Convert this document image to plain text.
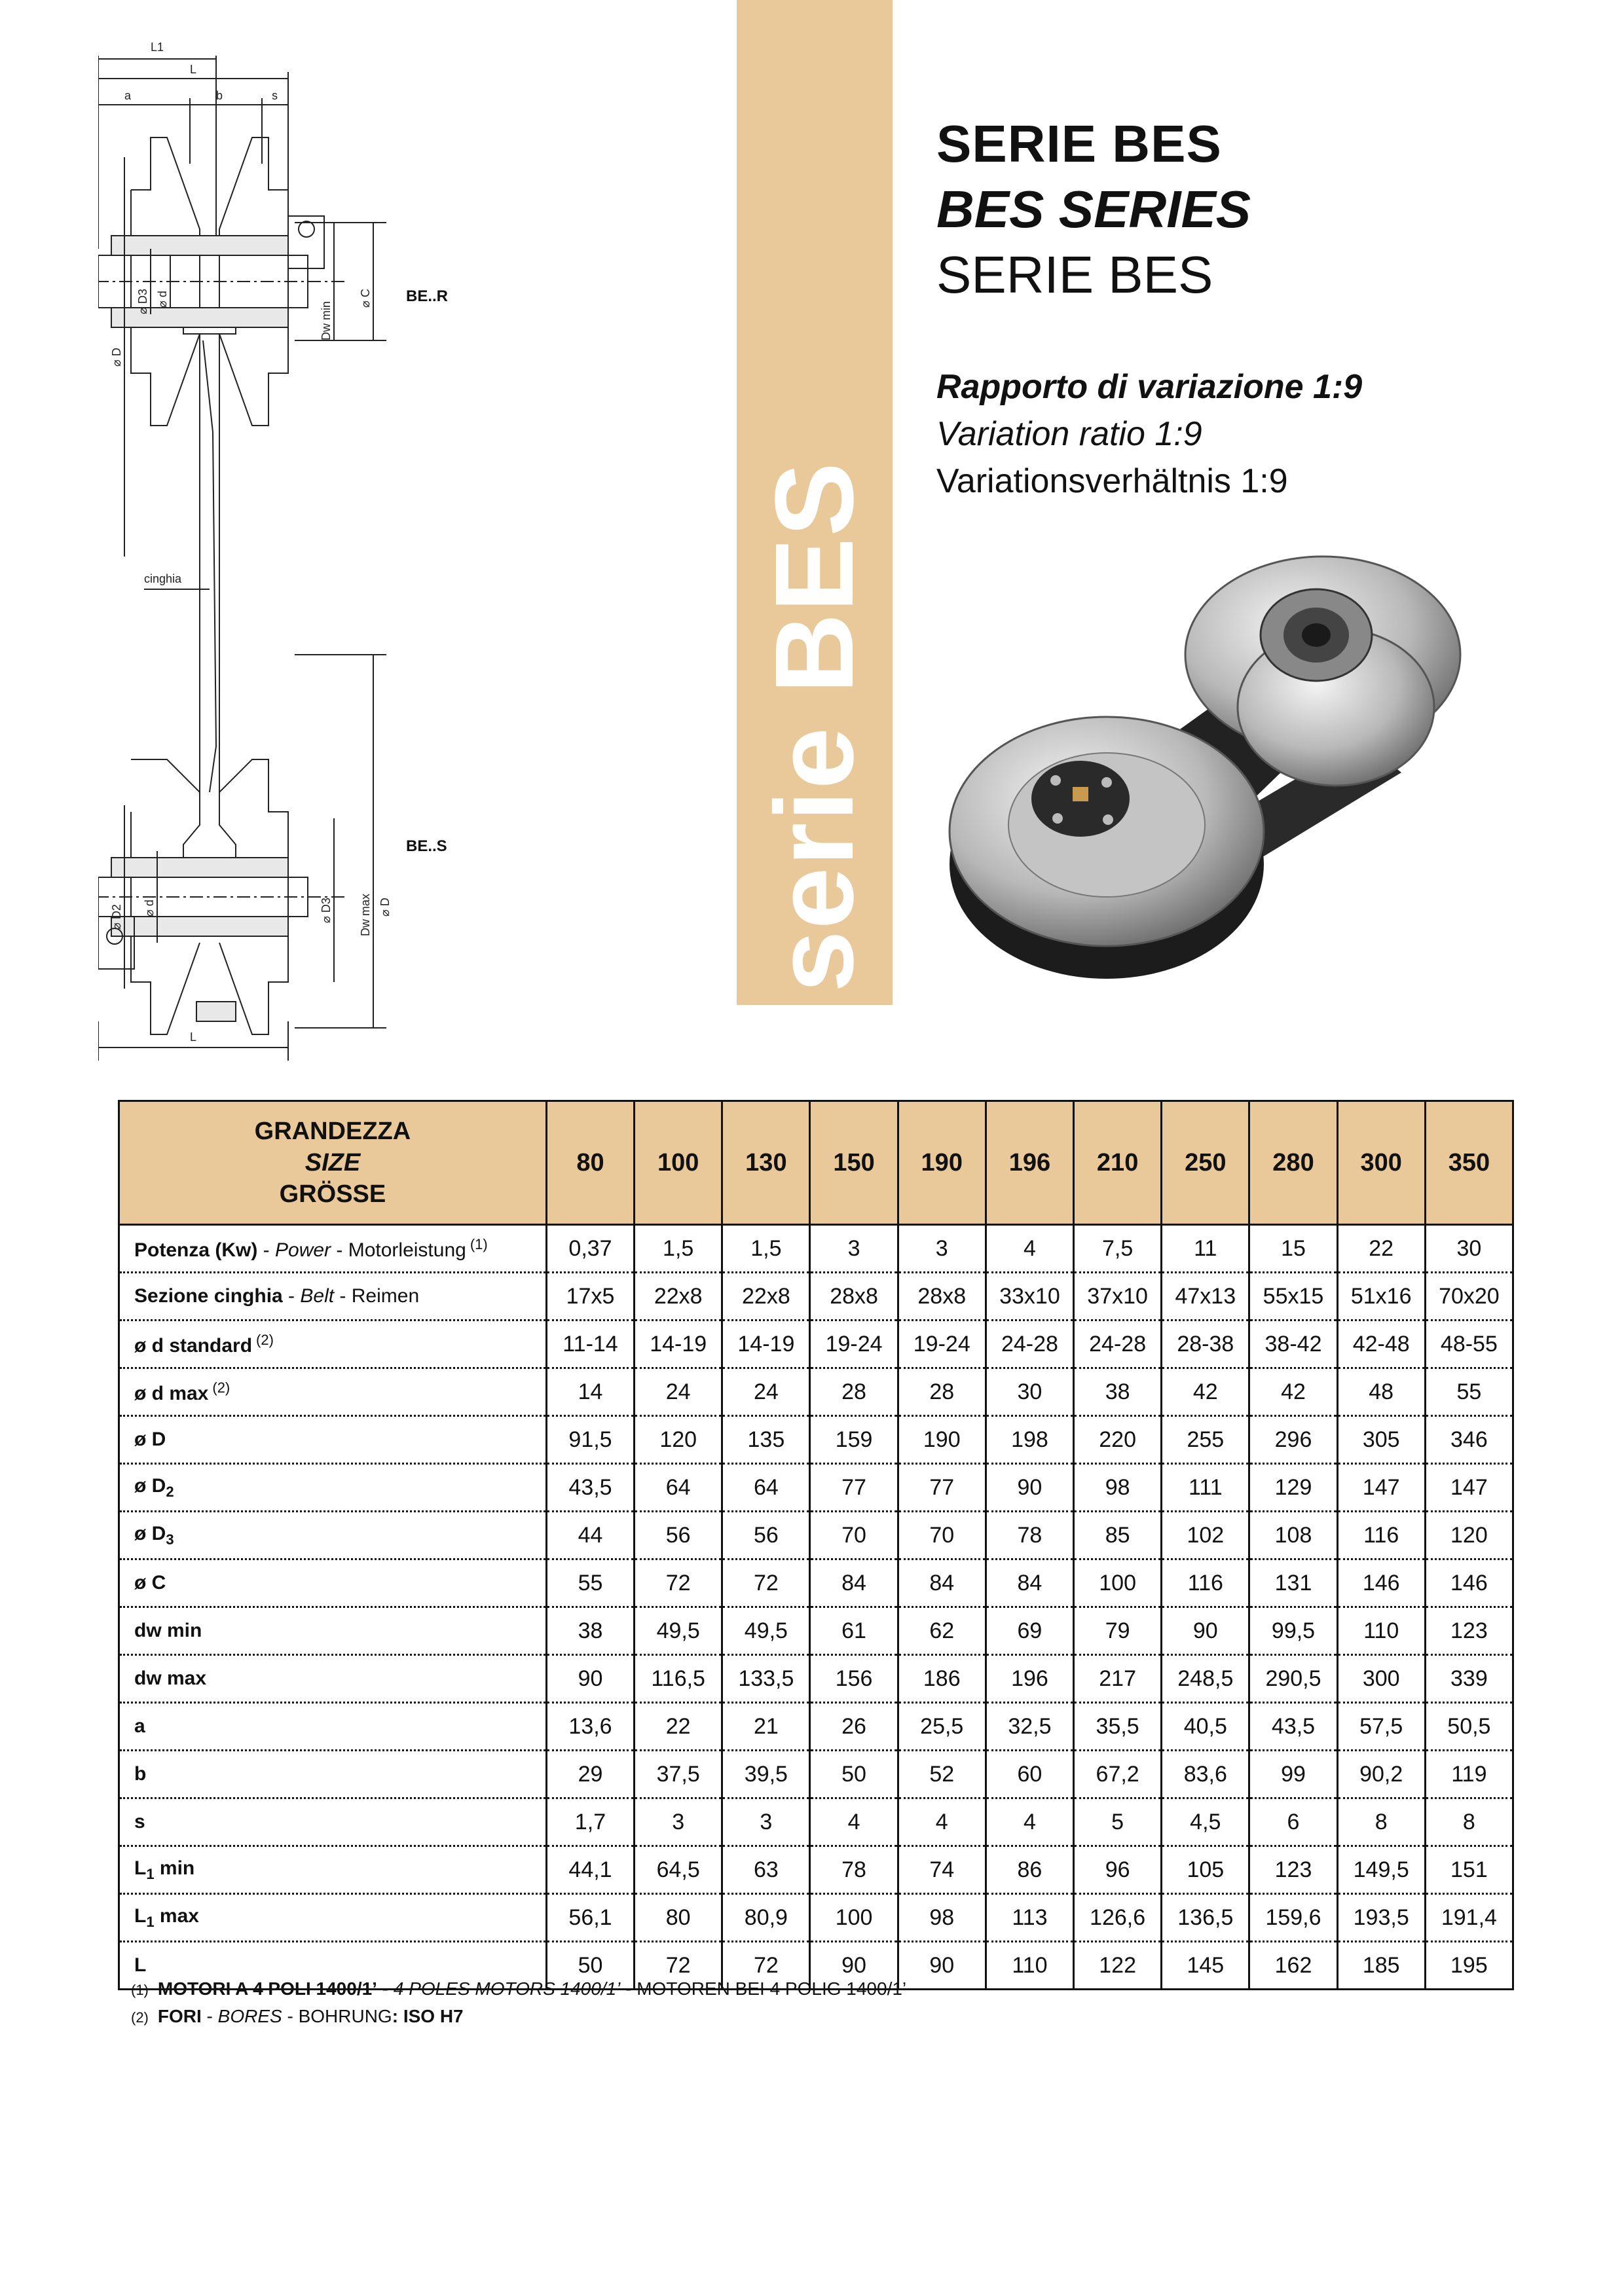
L1
L
a	b	s
⌀ D
⌀ D3 ⌀ d
Dw min
⌀ C BE..R
cinghia
⌀ D2 ⌀ d	⌀ D3 Dw max ⌀ D
BE..S
L
serie BES
SERIE BES
BES SERIES
SERIE BES
Rapporto di variazione 1:9
Variation ratio 1:9
Variationsverhältnis 1:9
GRANDEZZA
SIZE
GRÖSSE	80	100	130	150	190	196	210	250	280	300	350
Potenza (Kw) - Power - Motorleistung $^{(1)}$	0,37	1,5	1,5	3	3	4	7,5	11	15	22	30
Sezione cinghia - Belt - Reimen	17x5	22x8	22x8	28x8	28x8	33x10	37x10	47x13	55x15	51x16	70x20
ø d standard $^{(2)}$	11-14	14-19	14-19	19-24	19-24	24-28	24-28	28-38	38-42	42-48	48-55
ø d max $^{(2)}$	14	24	24	28	28	30	38	42	42	48	55
ø D	91,5	120	135	159	190	198	220	255	296	305	346
ø $D_2$	43,5	64	64	77	77	90	98	111	129	147	147
ø $D_3$	44	56	56	70	70	78	85	102	108	116	120
ø C	55	72	72	84	84	84	100	116	131	146	146
dw min	38	49,5	49,5	61	62	69	79	90	99,5	110	123
dw max	90	116,5	133,5	156	186	196	217	248,5	290,5	300	339
a	13,6	22	21	26	25,5	32,5	35,5	40,5	43,5	57,5	50,5
b	29	37,5	39,5	50	52	60	67,2	83,6	99	90,2	119
s	1,7	3	3	4	4	4	5	4,5	6	8	8
$L_1$ min	44,1	64,5	63	78	74	86	96	105	123	149,5	151
$L_1$ max	56,1	80	80,9	100	98	113	126,6	136,5	159,6	193,5	191,4
L	50	72	72	90	90	110	122	145	162	185	195
(1) MOTORI A 4 POLI 1400/1’ - 4 POLES MOTORS 1400/1’ - MOTOREN BEI 4 POLIG 1400/1’
(2) FORI - BORES - BOHRUNG: ISO H7
